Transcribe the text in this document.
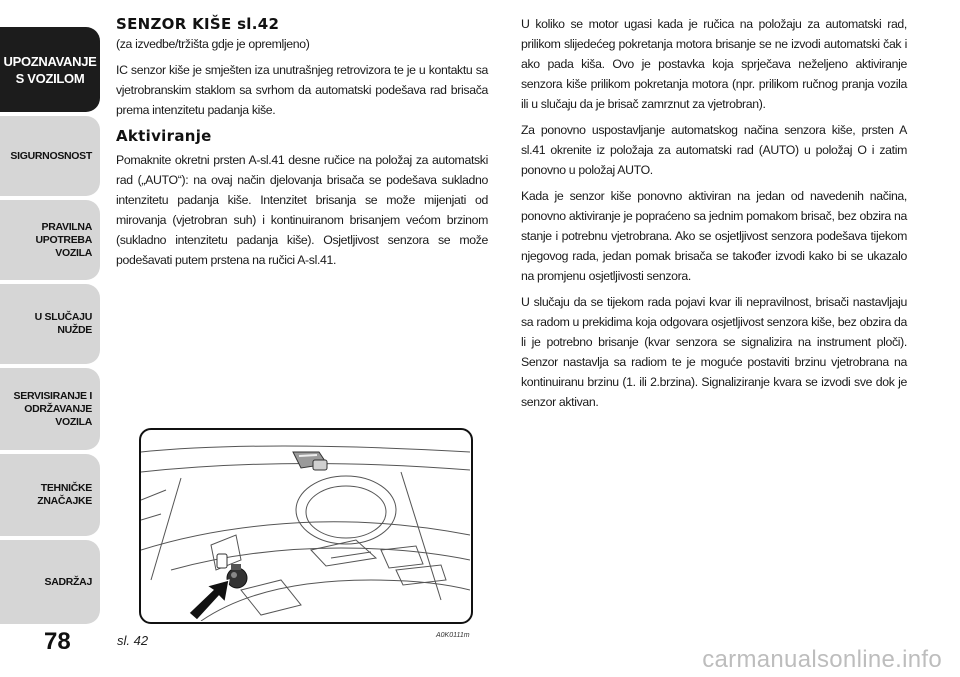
UPOZNAVANJE
S VOZILOM
SIGURNOSNOST
PRAVILNA
UPOTREBA
VOZILA
U SLUČAJU
NUŽDE
SERVISIRANJE I
ODRŽAVANJE
VOZILA
TEHNIČKE
ZNAČAJKE
SADRŽAJ
78
SENZOR KIŠE sl.42

(za izvedbe/tržišta gdje je opremljeno)

IC senzor kiše je smješten iza unutrašnjeg retrovizora te je u kontaktu sa vjetrobranskim staklom sa svrhom da automatski podešava rad brisača prema intenzitetu padanja kiše.

Aktiviranje

Pomaknite okretni prsten A-sl.41 desne ručice na položaj za automatski rad („AUTO“): na ovaj način djelovanja brisača se podešava sukladno intenzitetu padanja kiše. Intenzitet brisanja se može mijenjati od mirovanja (vjetrobran suh) i kontinuiranom brisanjem većom brzinom (sukladno intenzitetu padanja kiše). Osjetljivost senzora se može podešavati putem prstena na ručici A-sl.41.

U koliko se motor ugasi kada je ručica na položaju za automatski rad, prilikom slijedećeg pokretanja motora brisanje se ne izvodi automatski čak i ako pada kiša. Ovo je postavka koja sprječava neželjeno aktiviranje senzora kiše prilikom pokretanja motora (npr. prilikom ručnog pranja vozila ili u slučaju da je brisač zamrznut za vjetrobran).

Za ponovno uspostavljanje automatskog načina senzora kiše, prsten A sl.41 okrenite iz položaja za automatski rad (AUTO) u položaj O i zatim ponovno u položaj AUTO.

Kada je senzor kiše ponovno aktiviran na jedan od navedenih načina, ponovno aktiviranje je popraćeno sa jednim pomakom brisač, bez obzira na stanje i potrebnu vjetrobrana. Ako se osjetljivost senzora podešava tijekom njegovog rada, jedan pomak brisača se također izvodi kako bi se ukazalo na promjenu osjetljivosti senzora.

U slučaju da se tijekom rada pojavi kvar ili nepravilnost, brisači nastavljaju sa radom u prekidima koja odgovara osjetljivost senzora kiše, bez obzira da li je potrebno brisanje (kvar senzora se signalizira na instrument ploči). Senzor nastavlja sa radiom te je moguće postaviti brzinu vjetrobrana na kontinuiranu brzinu (1. ili 2.brzina). Signaliziranje kvara se izvodi sve dok je senzor aktivan.

sl. 42	A0K0111m
carmanualsonline.info
